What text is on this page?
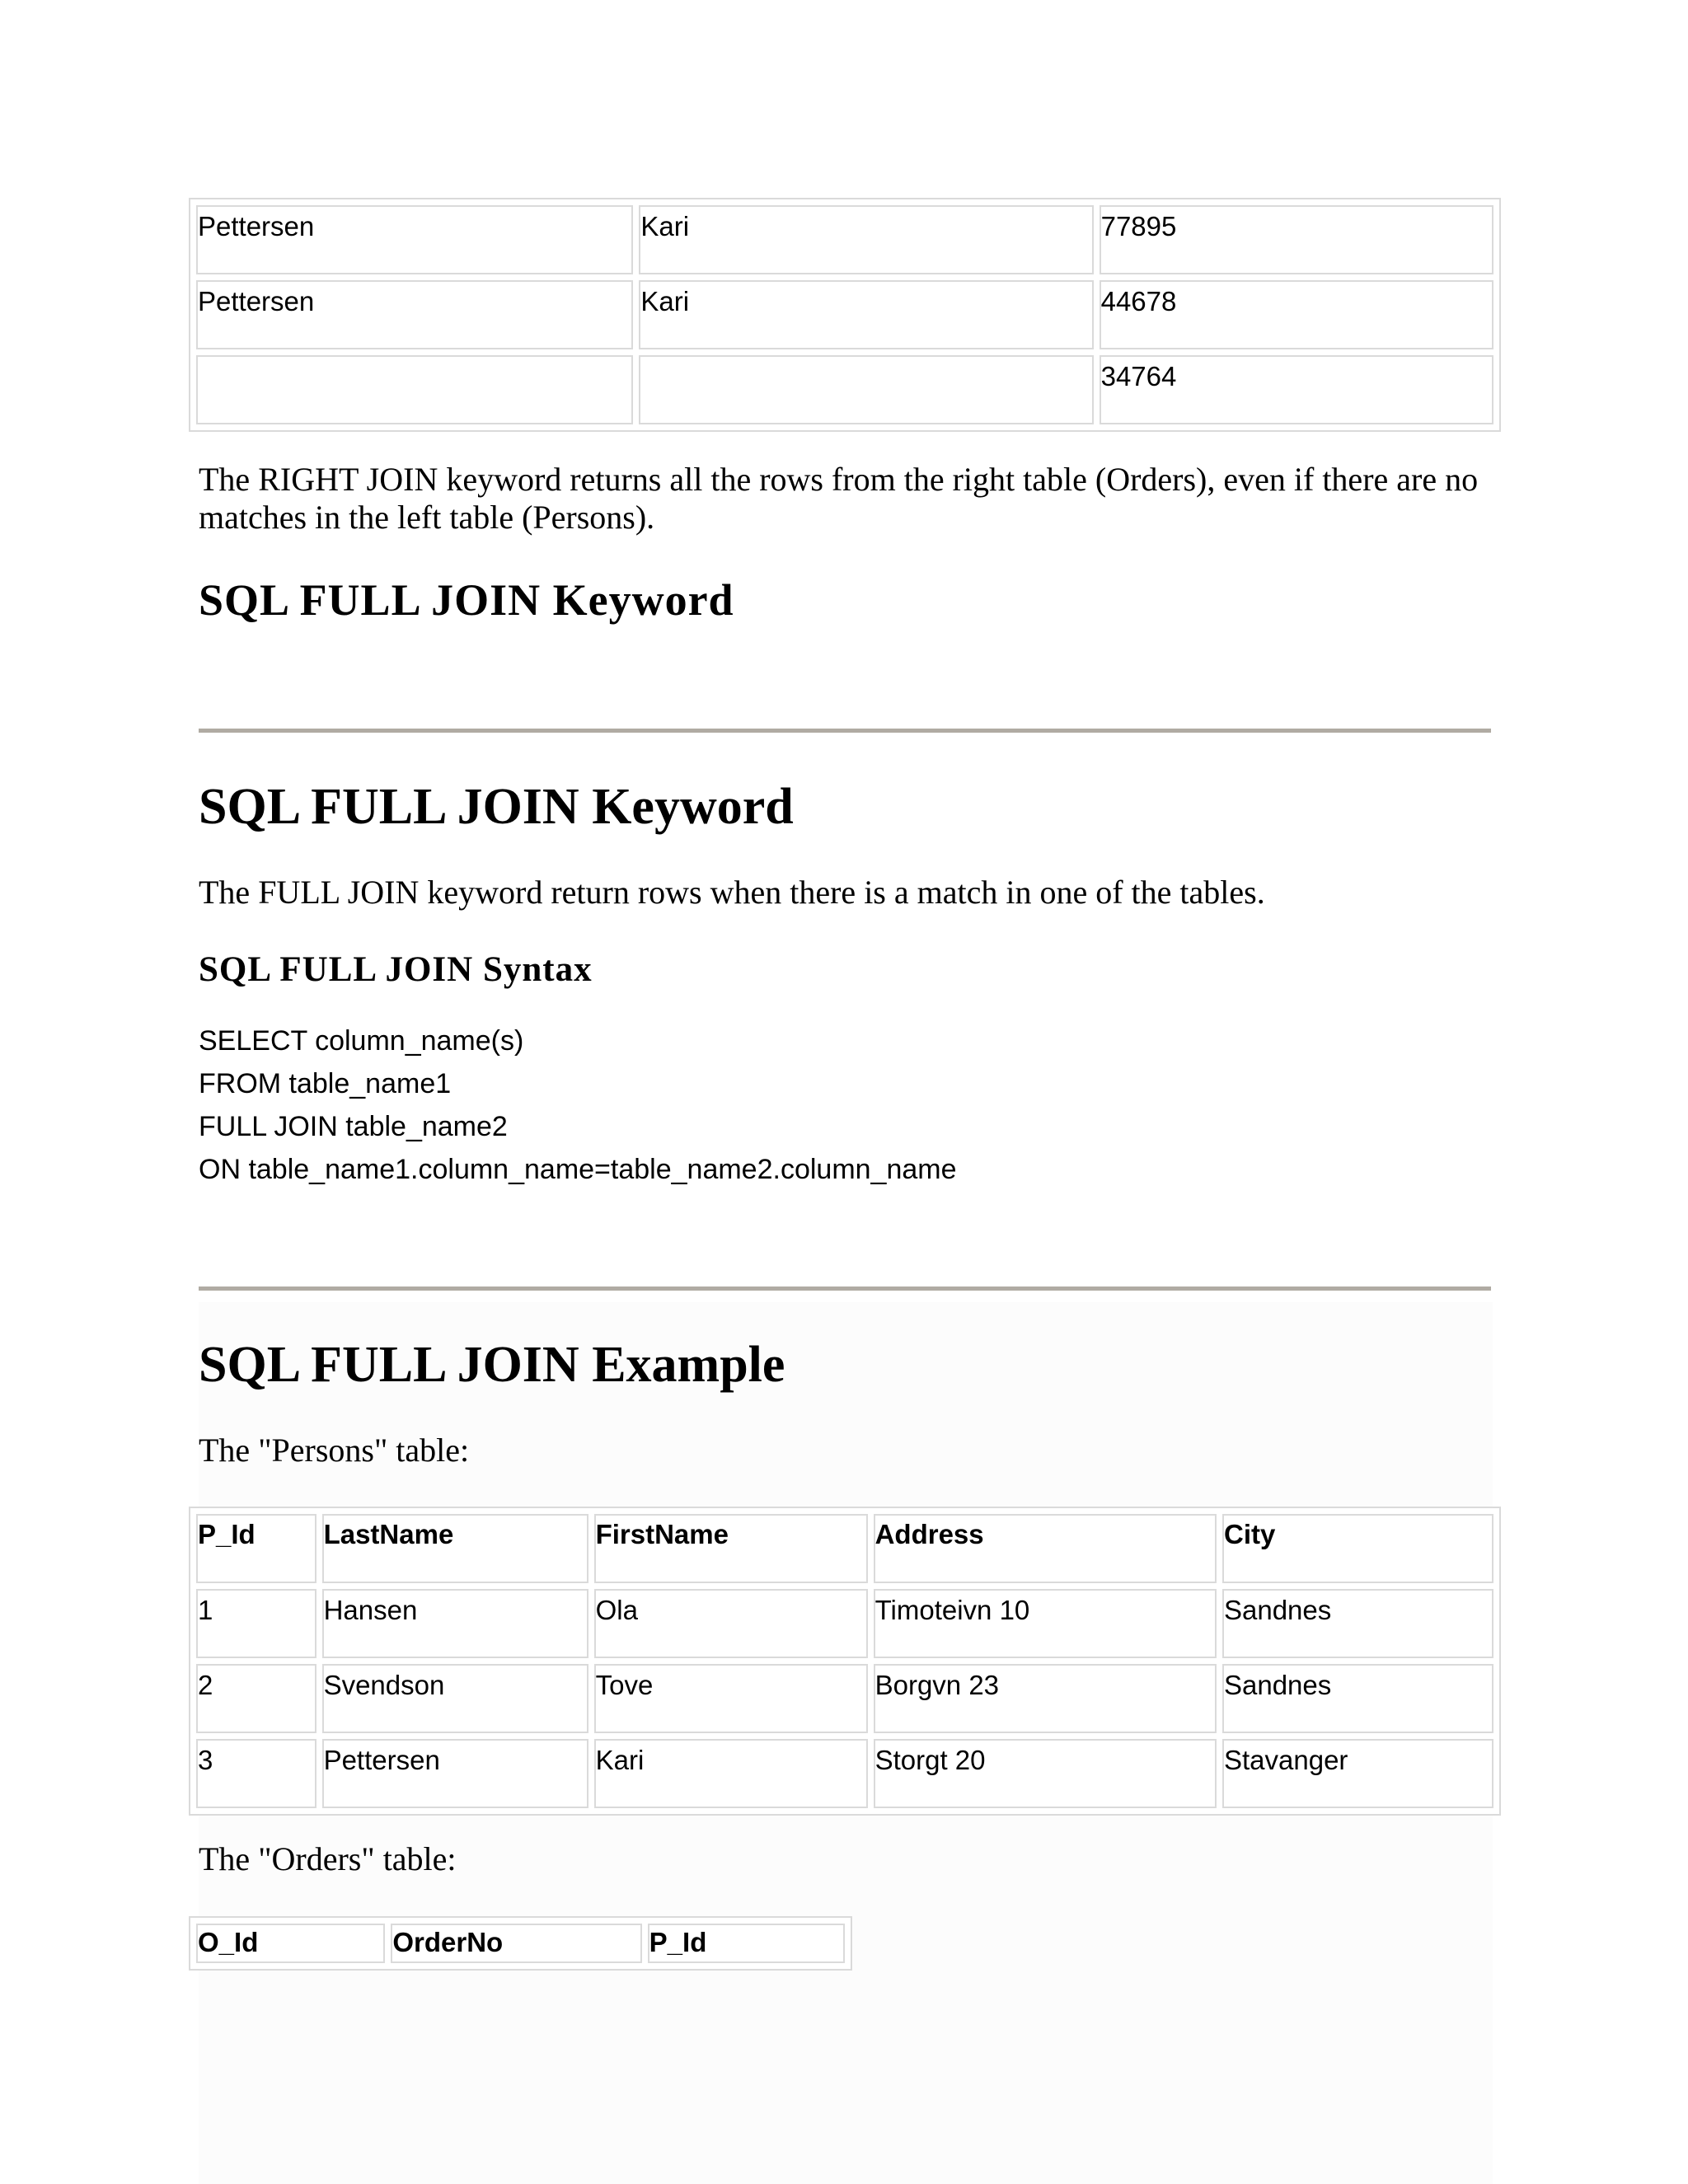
Pettersen	Kari	77895
Pettersen	Kari	44678
		34764

The RIGHT JOIN keyword returns all the rows from the right table (Orders), even if there are no matches in the left table (Persons).

SQL FULL JOIN Keyword
SQL FULL JOIN Keyword

The FULL JOIN keyword return rows when there is a match in one of the tables.

SQL FULL JOIN Syntax
SELECT column_name(s)
FROM table_name1
FULL JOIN table_name2
ON table_name1.column_name=table_name2.column_name
SQL FULL JOIN Example

The "Persons" table:

P_Id	LastName	FirstName	Address	City
1	Hansen	Ola	Timoteivn 10	Sandnes
2	Svendson	Tove	Borgvn 23	Sandnes
3	Pettersen	Kari	Storgt 20	Stavanger

The "Orders" table:

O_Id	OrderNo	P_Id
